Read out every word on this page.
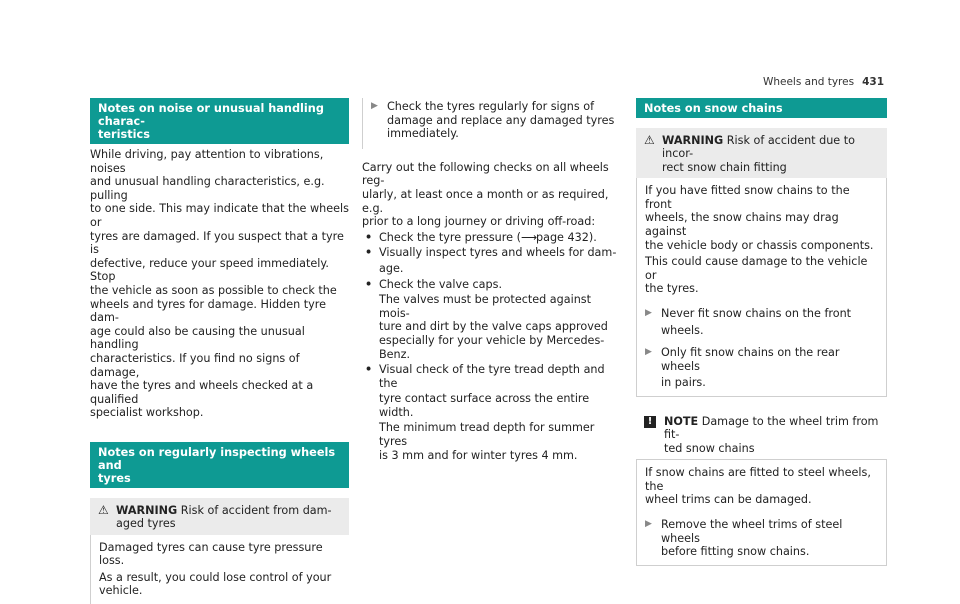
Wheels and tyres 431
Notes on noise or unusual handling charac-
teristics

While driving, pay attention to vibrations, noises

and unusual handling characteristics, e.g. pulling

to one side. This may indicate that the wheels or

tyres are damaged. If you suspect that a tyre is

defective, reduce your speed immediately. Stop

the vehicle as soon as possible to check the

wheels and tyres for damage. Hidden tyre dam-

age could also be causing the unusual handling

characteristics. If you find no signs of damage,

have the tyres and wheels checked at a qualified

specialist workshop.

Notes on regularly inspecting wheels and
tyres
⚠ WARNING Risk of accident from dam-
aged tyres

Damaged tyres can cause tyre pressure loss.

As a result, you could lose control of your
vehicle.

▶ Check the tyres regularly for signs of

damage and replace any damaged tyres

immediately.

Carry out the following checks on all wheels reg-

ularly, at least once a month or as required, e.g.

prior to a long journey or driving off-road:

• Check the tyre pressure (⟶page 432).

• Visually inspect tyres and wheels for dam-

age.

• Check the valve caps.

The valves must be protected against mois-
ture and dirt by the valve caps approved
especially for your vehicle by Mercedes-Benz.

• Visual check of the tyre tread depth and the

tyre contact surface across the entire width.

The minimum tread depth for summer tyres
is 3 mm and for winter tyres 4 mm.

Notes on snow chains
⚠ WARNING Risk of accident due to incor-
rect snow chain fitting

If you have fitted snow chains to the front
wheels, the snow chains may drag against
the vehicle body or chassis components.

This could cause damage to the vehicle or
the tyres.

▶ Never fit snow chains on the front

wheels.

▶ Only fit snow chains on the rear wheels

in pairs.

!	NOTE Damage to the wheel trim from fit-
ted snow chains

If snow chains are fitted to steel wheels, the
wheel trims can be damaged.

▶ Remove the wheel trims of steel wheels

before fitting snow chains.
